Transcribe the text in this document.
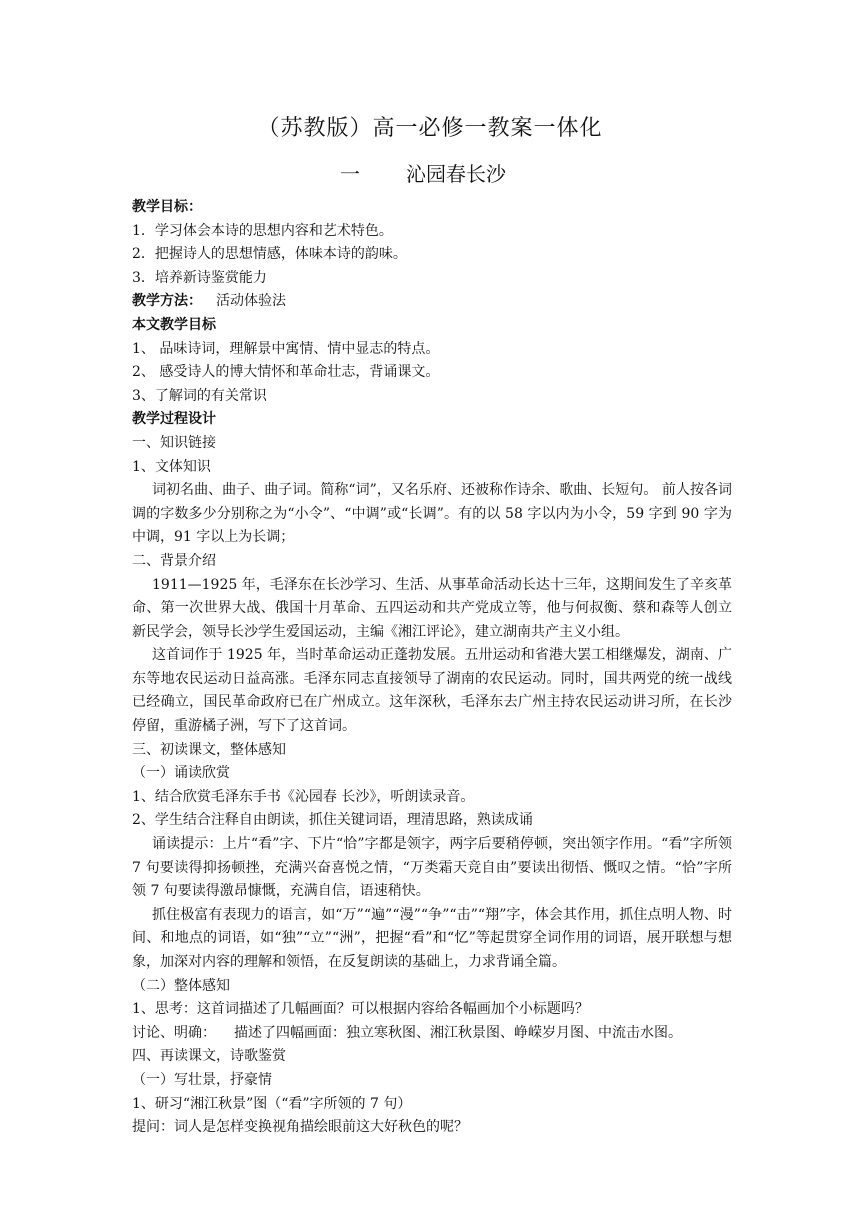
（苏教版）高一必修一教案一体化
一 沁园春长沙
教学目标：
1．学习体会本诗的思想内容和艺术特色。
2．把握诗人的思想情感，体味本诗的韵味。
3．培养新诗鉴赏能力
教学方法： 活动体验法
本文教学目标
1、 品味诗词，理解景中寓情、情中显志的特点。
2、 感受诗人的博大情怀和革命壮志，背诵课文。
3、了解词的有关常识
教学过程设计
一、知识链接
1、文体知识
词初名曲、曲子、曲子词。简称“词”，又名乐府、还被称作诗余、歌曲、长短句。 前人按各词调的字数多少分别称之为“小令”、“中调”或“长调”。有的以 58 字以内为小令，59 字到 90 字为中调，91 字以上为长调；
二、背景介绍
1911—1925 年，毛泽东在长沙学习、生活、从事革命活动长达十三年，这期间发生了辛亥革命、第一次世界大战、俄国十月革命、五四运动和共产党成立等，他与何叔衡、蔡和森等人创立新民学会，领导长沙学生爱国运动，主编《湘江评论》，建立湖南共产主义小组。
这首词作于 1925 年，当时革命运动正蓬勃发展。五卅运动和省港大罢工相继爆发，湖南、广东等地农民运动日益高涨。毛泽东同志直接领导了湖南的农民运动。同时，国共两党的统一战线已经确立，国民革命政府已在广州成立。这年深秋，毛泽东去广州主持农民运动讲习所，在长沙停留，重游橘子洲，写下了这首词。
三、初读课文，整体感知
（一）诵读欣赏
1、结合欣赏毛泽东手书《沁园春 长沙》，听朗读录音。
2、学生结合注释自由朗读，抓住关键词语，理清思路，熟读成诵
诵读提示：上片“看”字、下片“恰”字都是领字，两字后要稍停顿，突出领字作用。“看”字所领 7 句要读得抑扬顿挫，充满兴奋喜悦之情，“万类霜天竞自由”要读出彻悟、慨叹之情。“恰”字所领 7 句要读得激昂慷慨，充满自信，语速稍快。
抓住极富有表现力的语言，如“万”“遍”“漫”“争”“击”“翔”字，体会其作用，抓住点明人物、时间、和地点的词语，如“独”“立”“洲”，把握“看”和“忆”等起贯穿全词作用的词语，展开联想与想象，加深对内容的理解和领悟，在反复朗读的基础上，力求背诵全篇。
（二）整体感知
1、思考：这首词描述了几幅画面？可以根据内容给各幅画加个小标题吗？
讨论、明确： 描述了四幅画面：独立寒秋图、湘江秋景图、峥嵘岁月图、中流击水图。
四、再读课文，诗歌鉴赏
（一）写壮景，抒豪情
1、研习“湘江秋景”图（“看”字所领的 7 句）
提问：词人是怎样变换视角描绘眼前这大好秋色的呢？
